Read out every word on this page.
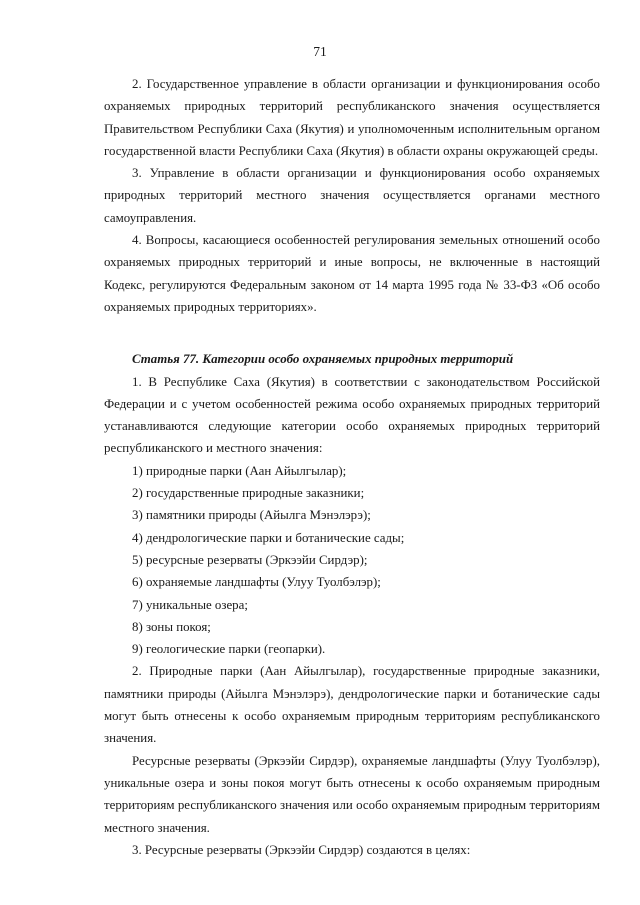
71

2. Государственное управление в области организации и функционирования особо охраняемых природных территорий республиканского значения осуществляется Правительством Республики Саха (Якутия) и уполномоченным исполнительным органом государственной власти Республики Саха (Якутия) в области охраны окружающей среды.

3. Управление в области организации и функционирования особо охраняемых природных территорий местного значения осуществляется органами местного самоуправления.

4. Вопросы, касающиеся особенностей регулирования земельных отношений особо охраняемых природных территорий и иные вопросы, не включенные в настоящий Кодекс, регулируются Федеральным законом от 14 марта 1995 года № 33-ФЗ «Об особо охраняемых природных территориях».

Статья 77. Категории особо охраняемых природных территорий

1. В Республике Саха (Якутия) в соответствии с законодательством Российской Федерации и с учетом особенностей режима особо охраняемых природных территорий устанавливаются следующие категории особо охраняемых природных территорий республиканского и местного значения:

1) природные парки (Аан Айылгылар);
2) государственные природные заказники;
3) памятники природы (Айылга Мэнэлэрэ);
4) дендрологические парки и ботанические сады;
5) ресурсные резерваты (Эркээйи Сирдэр);
6) охраняемые ландшафты (Улуу Туолбэлэр);
7) уникальные озера;
8) зоны покоя;
9) геологические парки (геопарки).

2. Природные парки (Аан Айылгылар), государственные природные заказники, памятники природы (Айылга Мэнэлэрэ), дендрологические парки и ботанические сады могут быть отнесены к особо охраняемым природным территориям республиканского значения.

Ресурсные резерваты (Эркээйи Сирдэр), охраняемые ландшафты (Улуу Туолбэлэр), уникальные озера и зоны покоя могут быть отнесены к особо охраняемым природным территориям республиканского значения или особо охраняемым природным территориям местного значения.

3. Ресурсные резерваты (Эркээйи Сирдэр) создаются в целях:
